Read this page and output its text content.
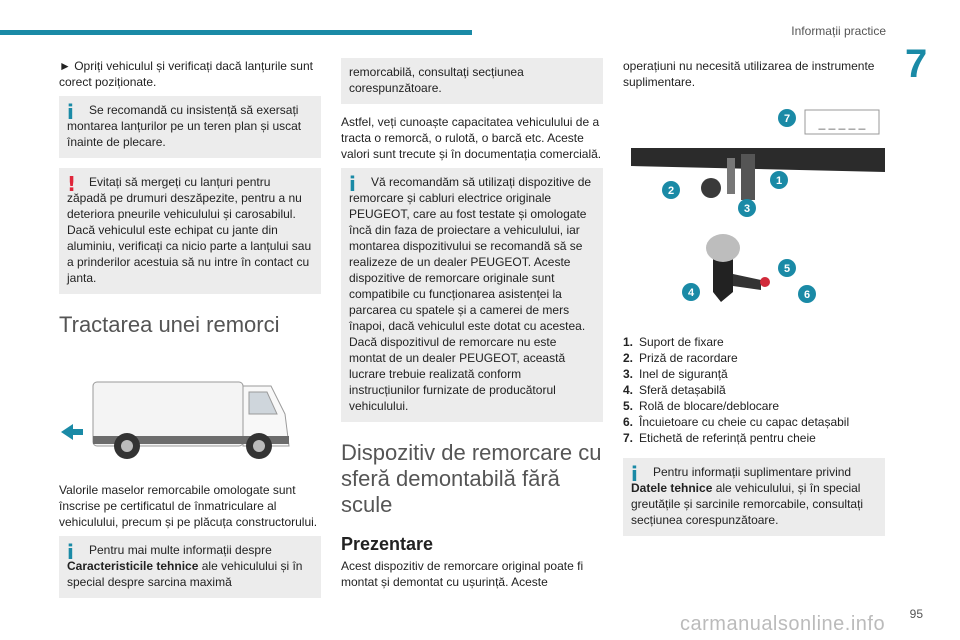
Informații practice
7

► Opriți vehiculul și verificați dacă lanțurile sunt corect poziționate.

i	Se recomandă cu insistență să exersați montarea lanțurilor pe un teren plan și uscat înainte de plecare.
!	Evitați să mergeți cu lanțuri pentru zăpadă pe drumuri deszăpezite, pentru a nu deteriora pneurile vehiculului și carosabilul. Dacă vehiculul este echipat cu jante din aluminiu, verificați ca nicio parte a lanțului sau a prinderilor acestuia să nu intre în contact cu janta.
Tractarea unei remorci

Valorile maselor remorcabile omologate sunt înscrise pe certificatul de înmatriculare al vehiculului, precum și pe plăcuța constructorului.

i	Pentru mai multe informații despre Caracteristicile tehnice ale vehiculului și în special despre sarcina maximă
remorcabilă, consultați secțiunea corespunzătoare.

Astfel, veți cunoaște capacitatea vehiculului de a tracta o remorcă, o rulotă, o barcă etc. Aceste valori sunt trecute și în documentația comercială.

i	Vă recomandăm să utilizați dispozitive de remorcare și cabluri electrice originale PEUGEOT, care au fost testate și omologate încă din faza de proiectare a vehiculului, iar montarea dispozitivului se recomandă să se realizeze de un dealer PEUGEOT. Aceste dispozitive de remorcare originale sunt compatibile cu funcționarea asistenței la parcarea cu spatele și a camerei de mers înapoi, dacă vehiculul este dotat cu acestea. Dacă dispozitivul de remorcare nu este montat de un dealer PEUGEOT, această lucrare trebuie realizată conform instrucțiunilor furnizate de producătorul vehiculului.
Dispozitiv de remorcare cu sferă demontabilă fără scule
Prezentare

Acest dispozitiv de remorcare original poate fi montat și demontat cu ușurință. Aceste

operațiuni nu necesită utilizarea de instrumente suplimentare.

_ _ _ _ _
1
2
3
4
5
6
7
1. Suport de fixare
2. Priză de racordare
3. Inel de siguranță
4. Sferă detașabilă
5. Rolă de blocare/deblocare
6. Încuietoare cu cheie cu capac detașabil
7. Etichetă de referință pentru cheie
i	Pentru informații suplimentare privind Datele tehnice ale vehiculului, și în special greutățile și sarcinile remorcabile, consultați secțiunea corespunzătoare.
carmanualsonline.info 95
